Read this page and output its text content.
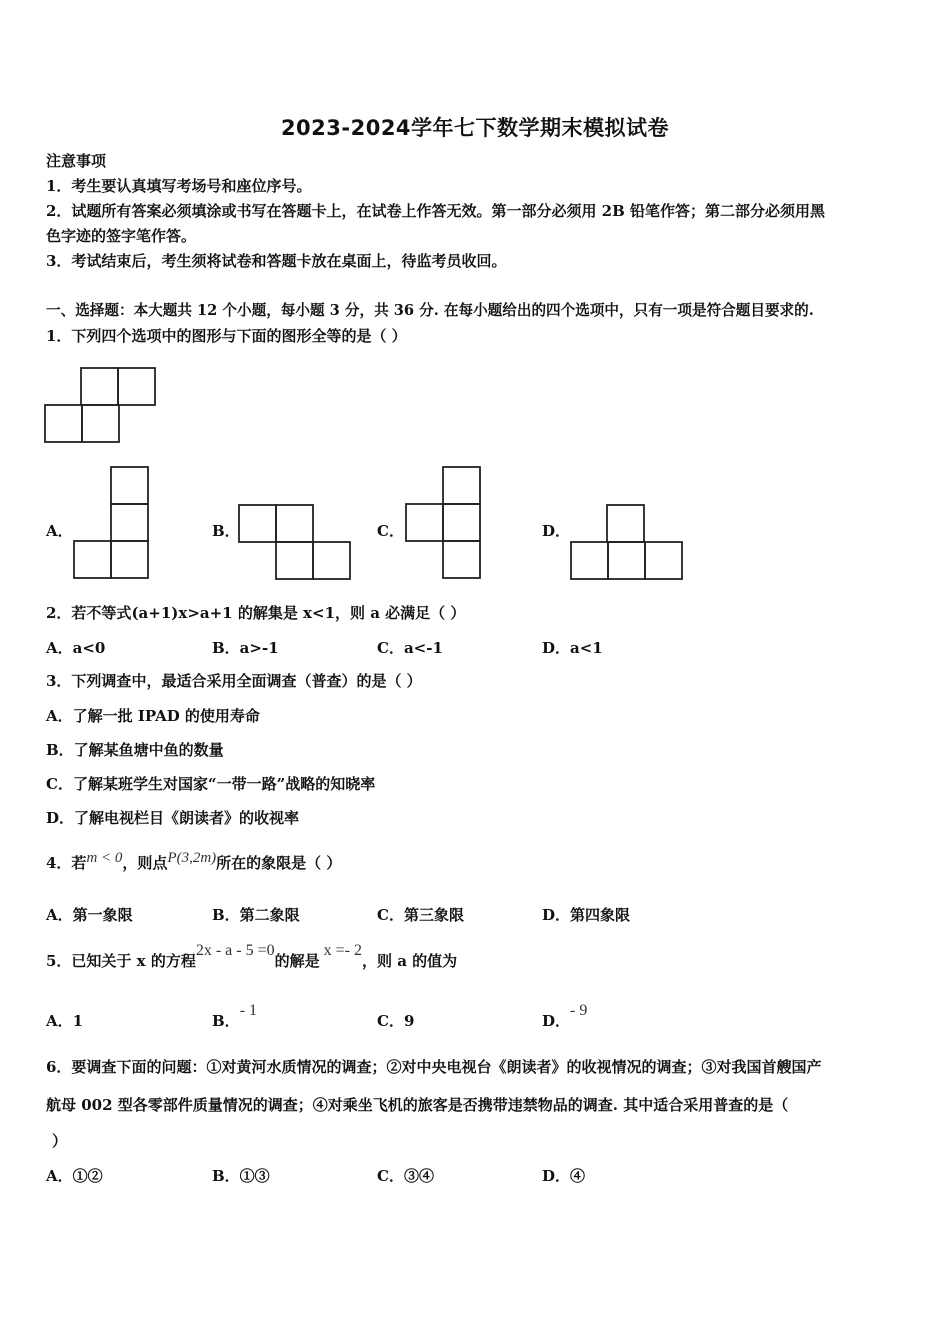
2023-2024学年七下数学期末模拟试卷
注意事项
1．考生要认真填写考场号和座位序号。
2．试题所有答案必须填涂或书写在答题卡上，在试卷上作答无效。第一部分必须用 2B 铅笔作答；第二部分必须用黑
色字迹的签字笔作答。
3．考试结束后，考生须将试卷和答题卡放在桌面上，待监考员收回。
一、选择题：本大题共 12 个小题，每小题 3 分，共 36 分. 在每小题给出的四个选项中，只有一项是符合题目要求的.
1．下列四个选项中的图形与下面的图形全等的是（ ）
A．	B．	C．	D．
2．若不等式(a+1)x>a+1 的解集是 x<1，则 a 必满足（ ）
A．a<0	B．a>-1	C．a<-1	D．a<1
3．下列调查中，最适合采用全面调查（普查）的是（ ）
A．了解一批 IPAD 的使用寿命
B．了解某鱼塘中鱼的数量
C．了解某班学生对国家“一带一路”战略的知晓率
D．了解电视栏目《朗读者》的收视率
4．若m < 0，则点P(3,2m)所在的象限是（ ）
A．第一象限	B．第二象限	C．第三象限	D．第四象限
5．已知关于 x 的方程2x - a - 5 =0的解是x =- 2，则 a 的值为
A．1	B．- 1
C．9	D．- 9
6．要调查下面的问题：①对黄河水质情况的调查；②对中央电视台《朗读者》的收视情况的调查；③对我国首艘国产
航母 002 型各零部件质量情况的调查；④对乘坐飞机的旅客是否携带违禁物品的调查. 其中适合采用普查的是（
）
A．①②	B．①③	C．③④	D．④
